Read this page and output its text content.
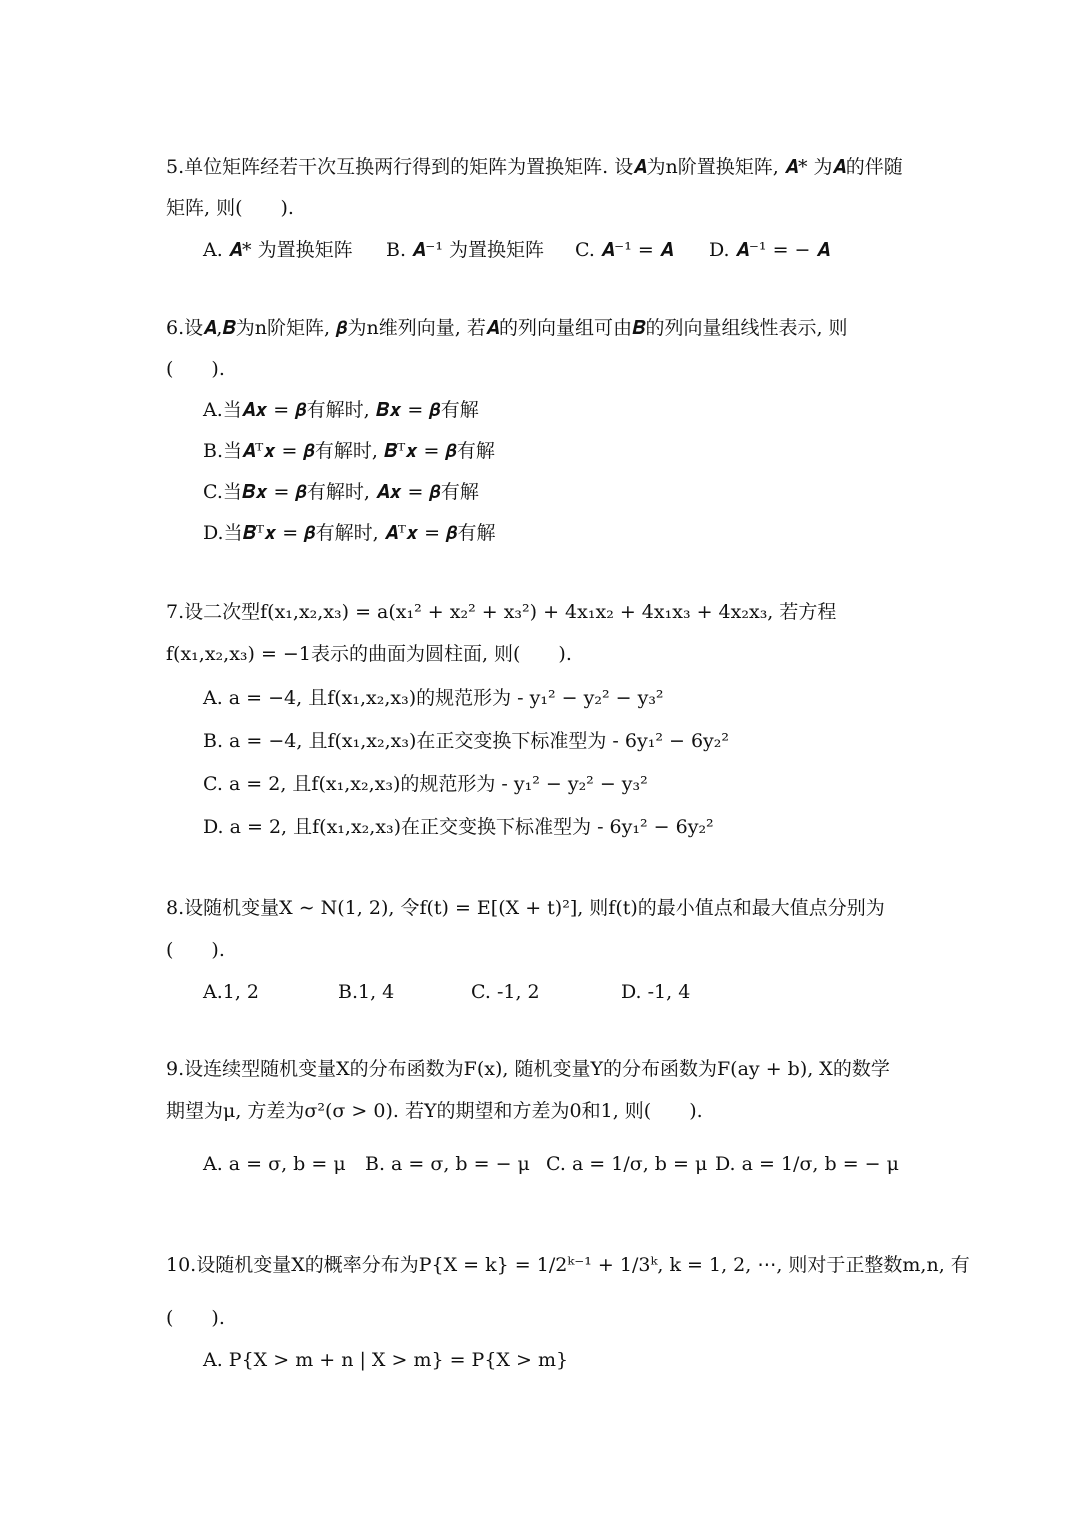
5.单位矩阵经若干次互换两行得到的矩阵为置换矩阵. 设𝑨为n阶置换矩阵, 𝑨* 为𝑨的伴随
矩阵, 则(　　).
A. 𝑨* 为置换矩阵	B. 𝑨⁻¹ 为置换矩阵	C. 𝑨⁻¹ = 𝑨	D. 𝑨⁻¹ = − 𝑨
6.设𝑨,𝑩为n阶矩阵, 𝜷为n维列向量, 若𝑨的列向量组可由𝑩的列向量组线性表示, 则
(　　).
A.当𝑨𝒙 = 𝜷有解时, 𝑩𝒙 = 𝜷有解
B.当𝑨ᵀ𝒙 = 𝜷有解时, 𝑩ᵀ𝒙 = 𝜷有解
C.当𝑩𝒙 = 𝜷有解时, 𝑨𝒙 = 𝜷有解
D.当𝑩ᵀ𝒙 = 𝜷有解时, 𝑨ᵀ𝒙 = 𝜷有解
7.设二次型f(x₁,x₂,x₃) = a(x₁² + x₂² + x₃²) + 4x₁x₂ + 4x₁x₃ + 4x₂x₃, 若方程
f(x₁,x₂,x₃) = −1表示的曲面为圆柱面, 则(　　).
A. a = −4, 且f(x₁,x₂,x₃)的规范形为 - y₁² − y₂² − y₃²
B. a = −4, 且f(x₁,x₂,x₃)在正交变换下标准型为 - 6y₁² − 6y₂²
C. a = 2, 且f(x₁,x₂,x₃)的规范形为 - y₁² − y₂² − y₃²
D. a = 2, 且f(x₁,x₂,x₃)在正交变换下标准型为 - 6y₁² − 6y₂²
8.设随机变量X ∼ N(1, 2), 令f(t) = E[(X + t)²], 则f(t)的最小值点和最大值点分别为
(　　).
A.1, 2	B.1, 4	C. -1, 2	D. -1, 4
9.设连续型随机变量X的分布函数为F(x), 随机变量Y的分布函数为F(ay + b), X的数学
期望为μ, 方差为σ²(σ > 0). 若Y的期望和方差为0和1, 则(　　).
A. a = σ, b = μ	B. a = σ, b = − μ C. a = 1/σ, b = μ D. a = 1/σ, b = − μ
10.设随机变量X的概率分布为P{X = k} = 1/2ᵏ⁻¹ + 1/3ᵏ, k = 1, 2, ⋯, 则对于正整数m,n, 有
(　　).
A. P{X > m + n | X > m} = P{X > m}
